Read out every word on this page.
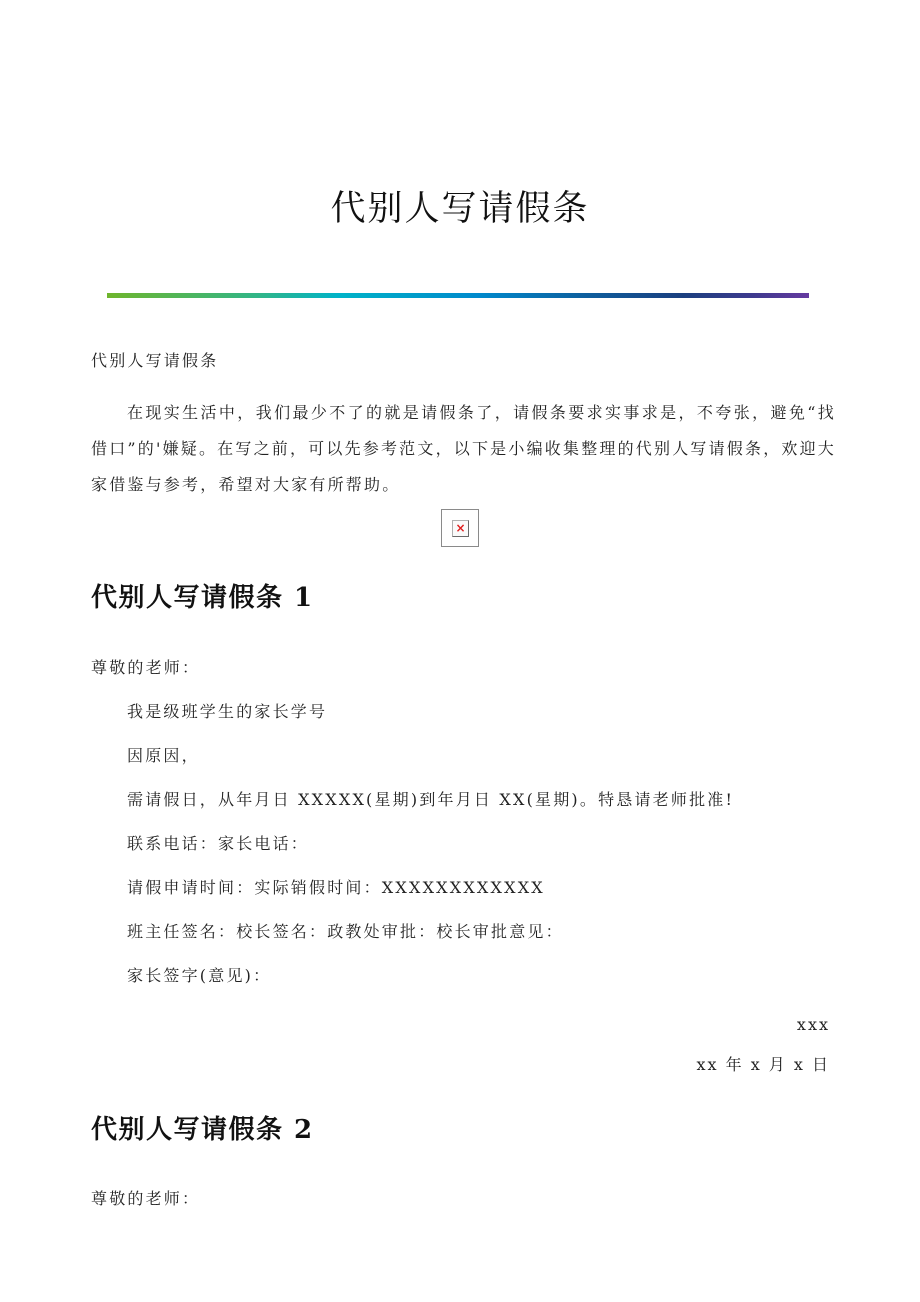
代别人写请假条
代别人写请假条

在现实生活中，我们最少不了的就是请假条了，请假条要求实事求是，不夸张，避免“找借口”的'嫌疑。在写之前，可以先参考范文，以下是小编收集整理的代别人写请假条，欢迎大家借鉴与参考，希望对大家有所帮助。

×
代别人写请假条 1
尊敬的老师：
我是级班学生的家长学号
因原因，
需请假日，从年月日 XXXXX(星期)到年月日 XX(星期)。特恳请老师批准!
联系电话：家长电话：
请假申请时间：实际销假时间：XXXXXXXXXXXX
班主任签名：校长签名：政教处审批：校长审批意见：
家长签字(意见)：
xxx
xx 年 x 月 x 日
代别人写请假条 2
尊敬的老师：
